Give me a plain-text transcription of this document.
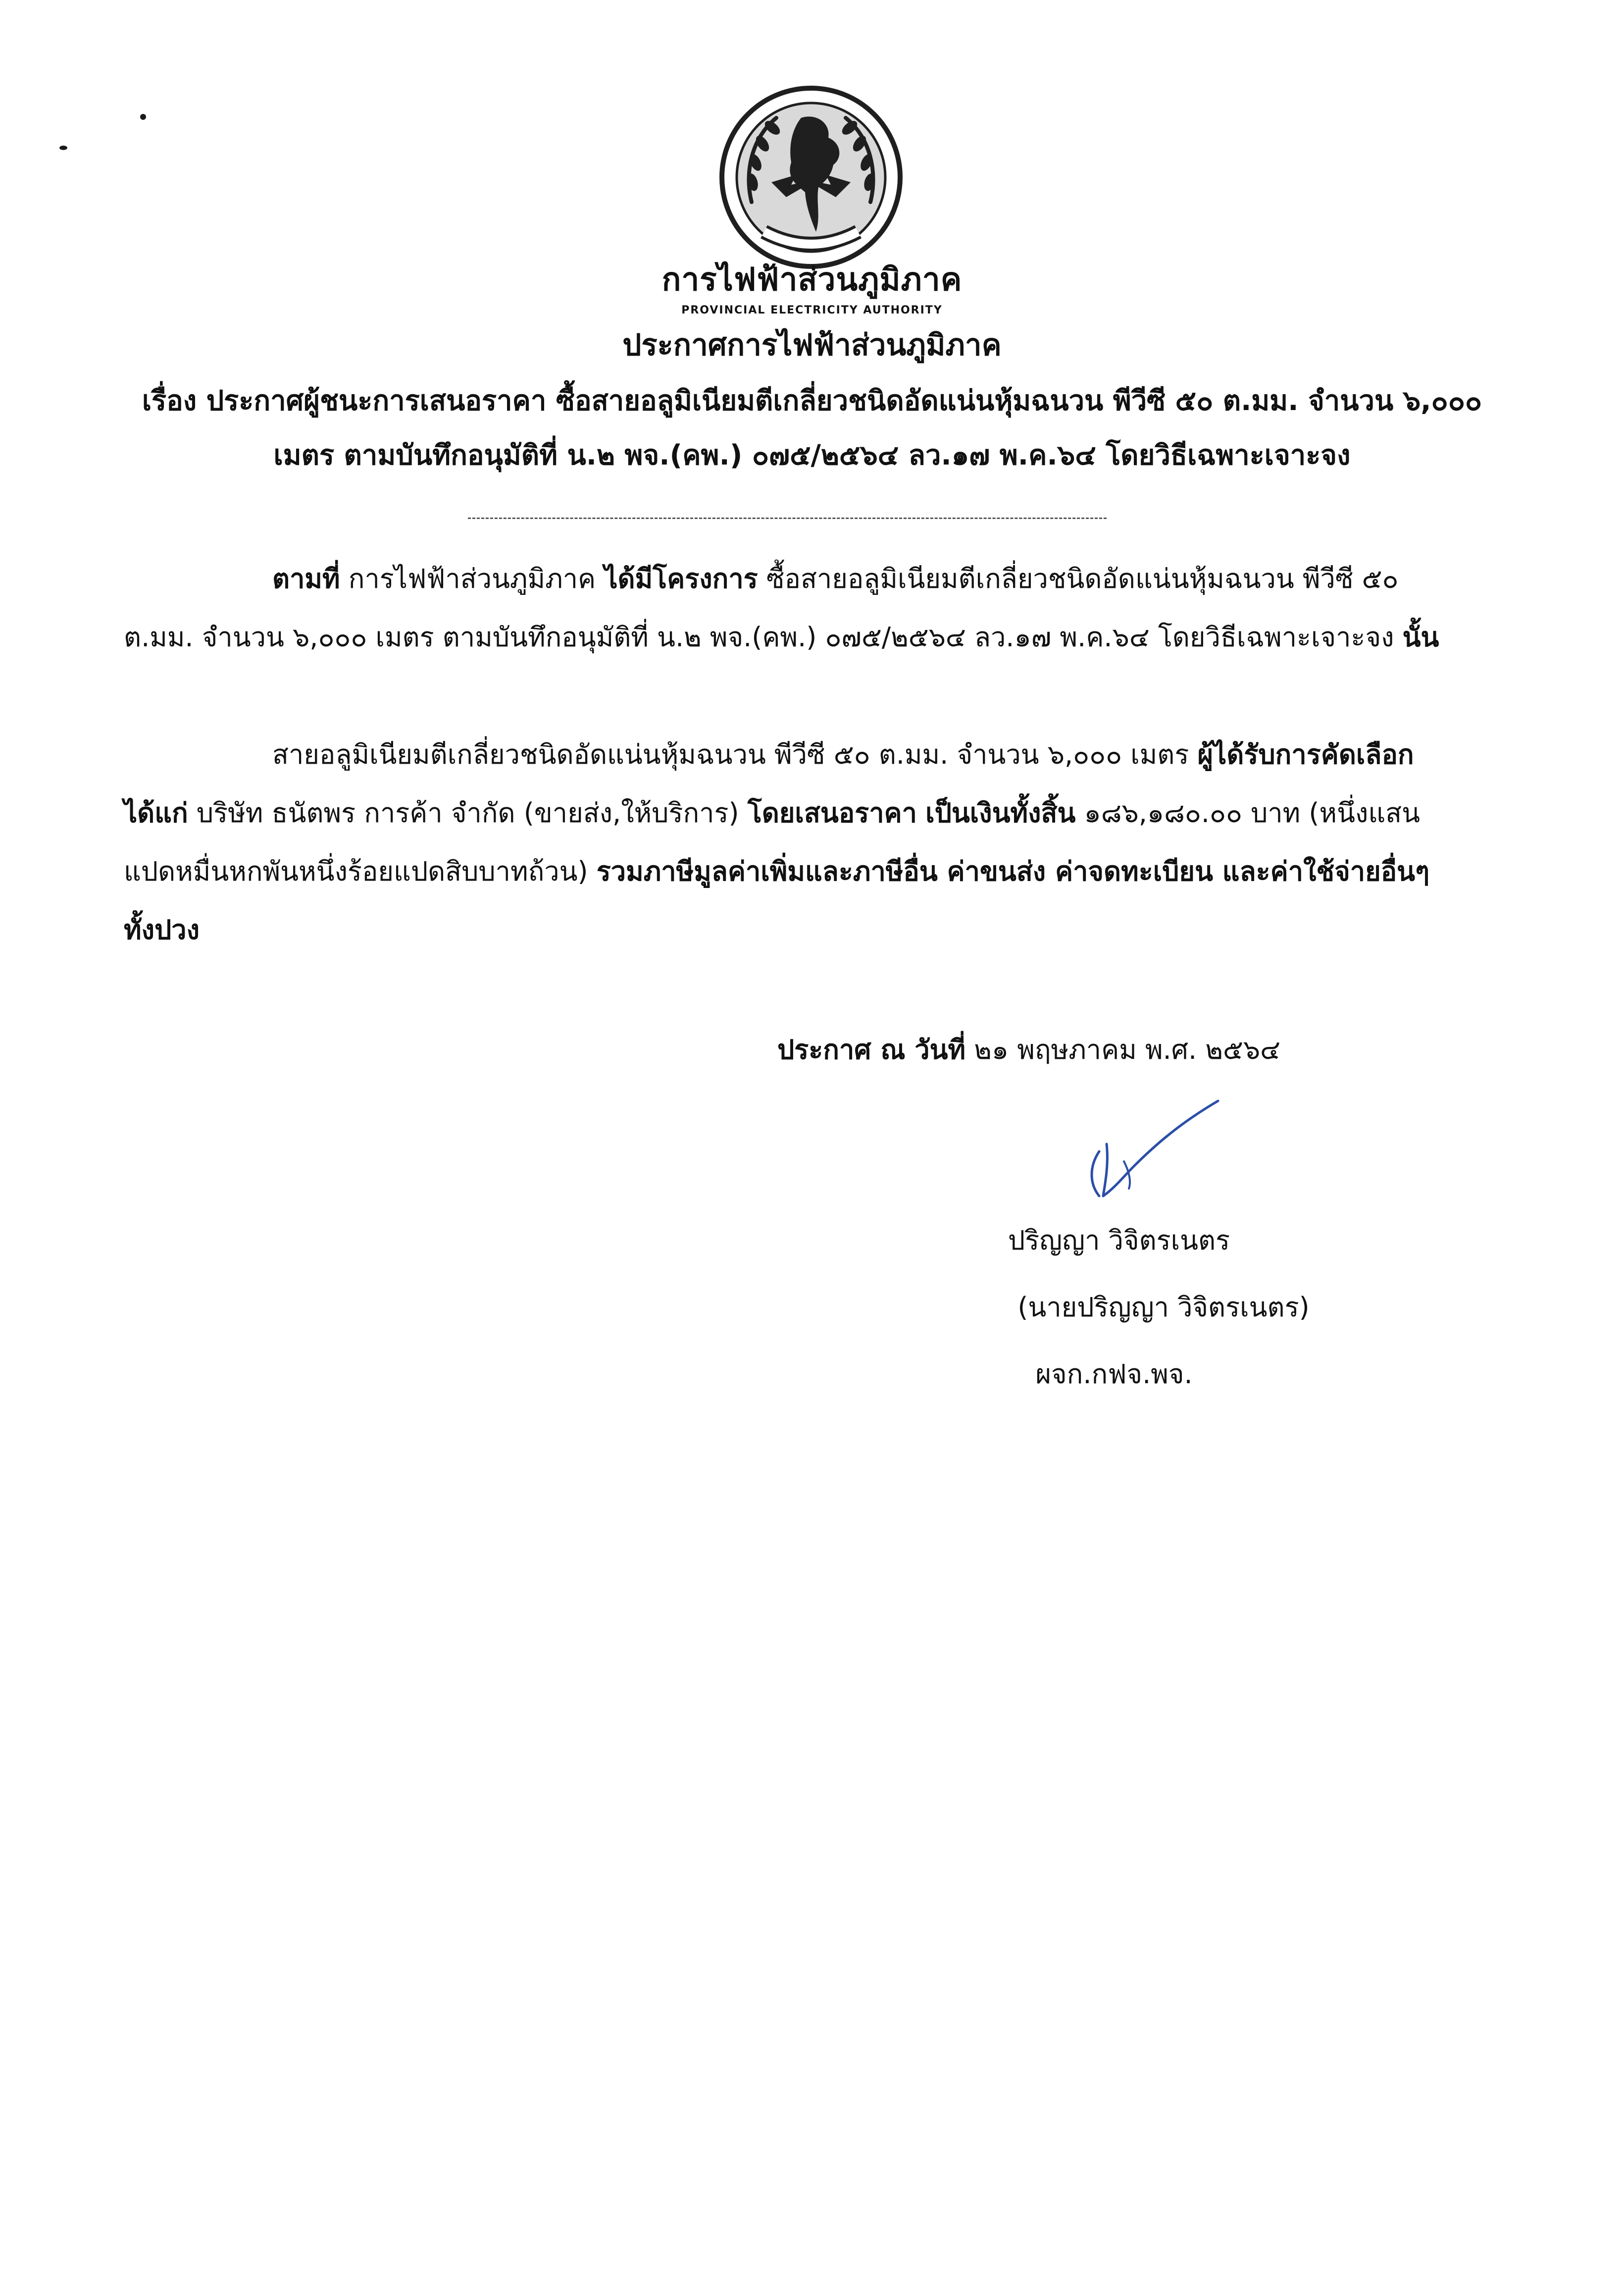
การไฟฟ้าส่วนภูมิภาค
PROVINCIAL ELECTRICITY AUTHORITY
ประกาศการไฟฟ้าส่วนภูมิภาค
เรื่อง ประกาศผู้ชนะการเสนอราคา ซื้อสายอลูมิเนียมตีเกลี่ยวชนิดอัดแน่นหุ้มฉนวน พีวีซี ๕๐ ต.มม. จำนวน ๖,๐๐๐ เมตร ตามบันทึกอนุมัติที่ น.๒ พจ.(คพ.) ๐๗๕/๒๕๖๔ ลว.๑๗ พ.ค.๖๔ โดยวิธีเฉพาะเจาะจง
ตามที่ การไฟฟ้าส่วนภูมิภาค ได้มีโครงการ ซื้อสายอลูมิเนียมตีเกลี่ยวชนิดอัดแน่นหุ้มฉนวน พีวีซี ๕๐ ต.มม. จำนวน ๖,๐๐๐ เมตร ตามบันทึกอนุมัติที่ น.๒ พจ.(คพ.) ๐๗๕/๒๕๖๔ ลว.๑๗ พ.ค.๖๔ โดยวิธีเฉพาะเจาะจง นั้น
สายอลูมิเนียมตีเกลี่ยวชนิดอัดแน่นหุ้มฉนวน พีวีซี ๕๐ ต.มม. จำนวน ๖,๐๐๐ เมตร ผู้ได้รับการคัดเลือก ได้แก่ บริษัท ธนัตพร การค้า จำกัด (ขายส่ง,ให้บริการ) โดยเสนอราคา เป็นเงินทั้งสิ้น ๑๘๖,๑๘๐.๐๐ บาท (หนึ่งแสนแปดหมื่นหกพันหนึ่งร้อยแปดสิบบาทถ้วน) รวมภาษีมูลค่าเพิ่มและภาษีอื่น ค่าขนส่ง ค่าจดทะเบียน และค่าใช้จ่ายอื่นๆ ทั้งปวง
ประกาศ ณ วันที่ ๒๑ พฤษภาคม พ.ศ. ๒๕๖๔
ปริญญา วิจิตรเนตร
(นายปริญญา วิจิตรเนตร)
ผจก.กฟจ.พจ.
